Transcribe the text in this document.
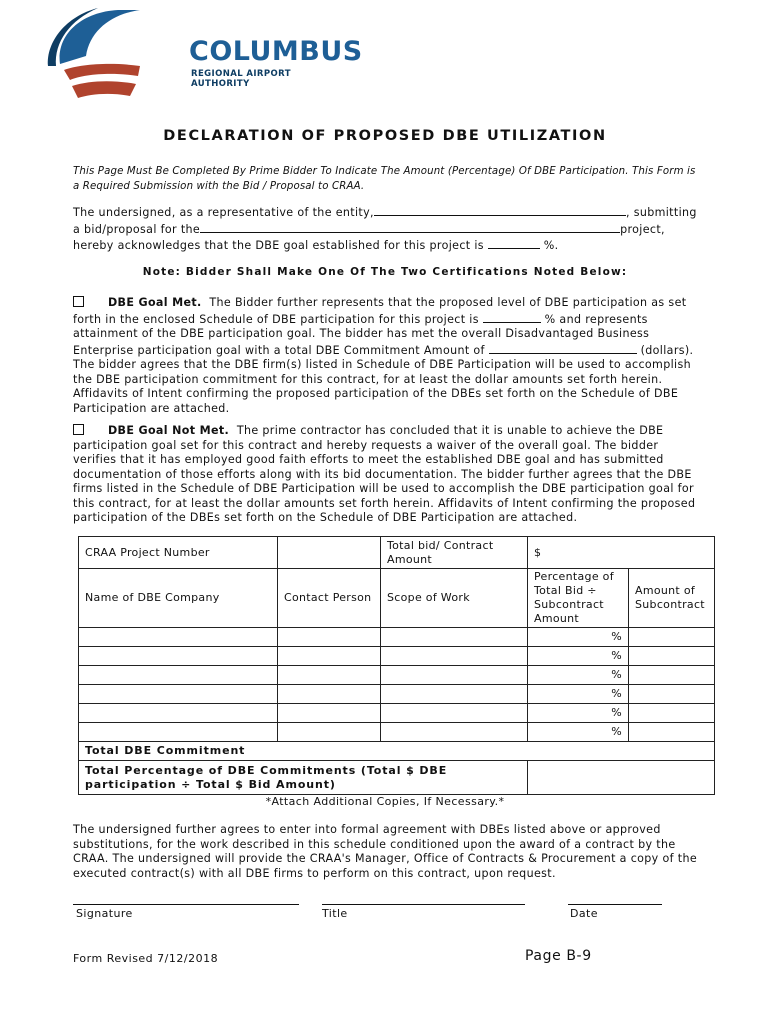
COLUMBUS
REGIONAL AIRPORT AUTHORITY
DECLARATION OF PROPOSED DBE UTILIZATION
This Page Must Be Completed By Prime Bidder To Indicate The Amount (Percentage) Of DBE Participation. This Form is a Required Submission with the Bid / Proposal to CRAA.
The undersigned, as a representative of the entity,	, submitting
a bid/proposal for the	project,
hereby acknowledges that the DBE goal established for this project is	%.
Note: Bidder Shall Make One Of The Two Certifications Noted Below:
DBE Goal Met. The Bidder further represents that the proposed level of DBE participation as set forth in the enclosed Schedule of DBE participation for this project is	% and represents attainment of the DBE participation goal. The bidder has met the overall Disadvantaged Business Enterprise participation goal with a total DBE Commitment Amount of	(dollars). The bidder agrees that the DBE firm(s) listed in Schedule of DBE Participation will be used to accomplish the DBE participation commitment for this contract, for at least the dollar amounts set forth herein. Affidavits of Intent confirming the proposed participation of the DBEs set forth on the Schedule of DBE Participation are attached.
DBE Goal Not Met. The prime contractor has concluded that it is unable to achieve the DBE participation goal set for this contract and hereby requests a waiver of the overall goal. The bidder verifies that it has employed good faith efforts to meet the established DBE goal and has submitted documentation of those efforts along with its bid documentation. The bidder further agrees that the DBE firms listed in the Schedule of DBE Participation will be used to accomplish the DBE participation goal for this contract, for at least the dollar amounts set forth herein. Affidavits of Intent confirming the proposed participation of the DBEs set forth on the Schedule of DBE Participation are attached.
CRAA Project Number		Total bid/ Contract Amount	$	
Name of DBE Company	Contact Person	Scope of Work	Percentage of Total Bid ÷ Subcontract Amount	Amount of Subcontract
			%	
			%	
			%	
			%	
			%	
			%	
Total DBE Commitment				
Total Percentage of DBE Commitments (Total $ DBE participation ÷ Total $ Bid Amount)				
*Attach Additional Copies, If Necessary.*
The undersigned further agrees to enter into formal agreement with DBEs listed above or approved substitutions, for the work described in this schedule conditioned upon the award of a contract by the CRAA. The undersigned will provide the CRAA's Manager, Office of Contracts & Procurement a copy of the executed contract(s) with all DBE firms to perform on this contract, upon request.
Signature	Title	Date
Form Revised 7/12/2018	Page B-9
